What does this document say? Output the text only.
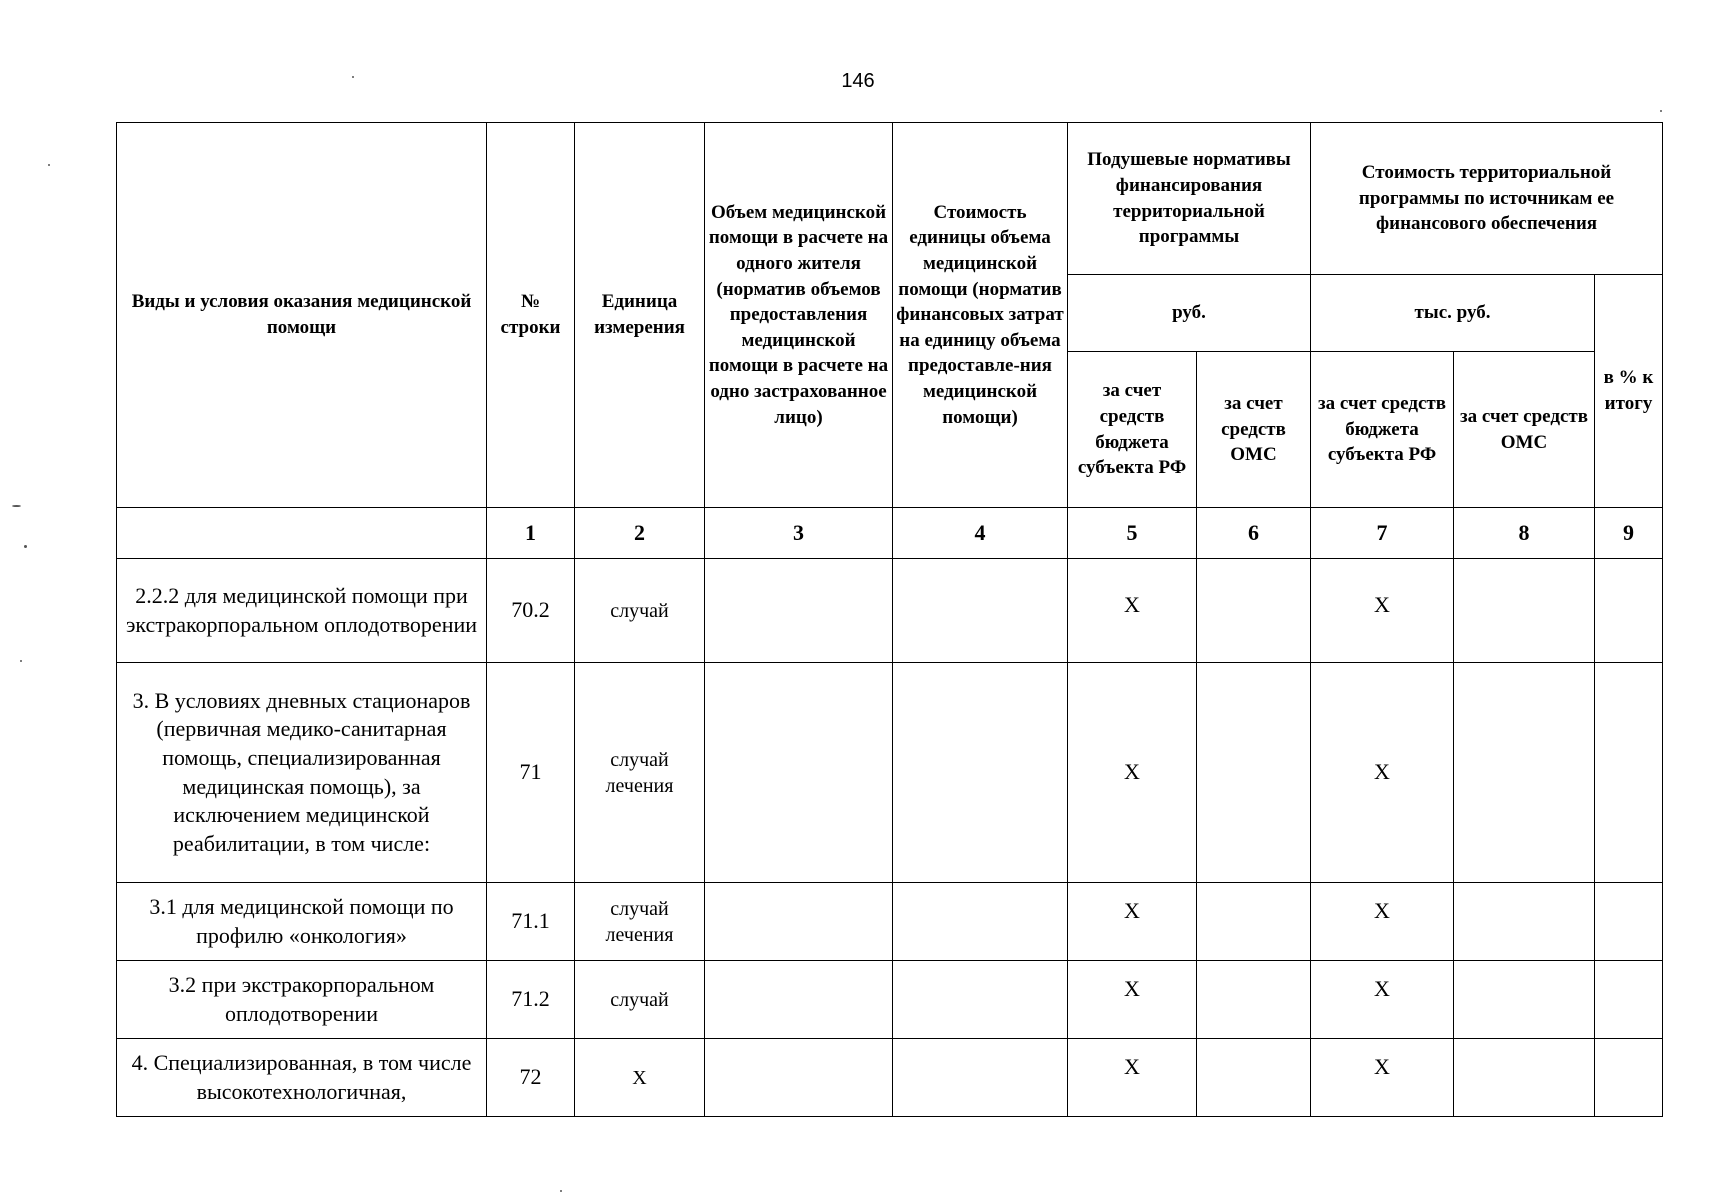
146
Виды и условия оказания медицинской помощи	№ строки	Единица измерения	Объем медицинской помощи в расчете на одного жителя (норматив объемов предоставления медицинской помощи в расчете на одно застрахованное лицо)	Стоимость единицы объема медицинской помощи (норматив финансовых затрат на единицу объема предоставле-ния медицинской помощи)	Подушевые нормативы финансирования территориальной программы		Стоимость территориальной программы по источникам ее финансового обеспечения		
					руб.		тыс. руб.		в % к итогу
					за счет средств бюджета субъекта РФ	за счет средств ОМС	за счет средств бюджета субъекта РФ	за счет средств ОМС	
	1	2	3	4	5	6	7	8	9
2.2.2 для медицинской помощи при экстракорпоральном оплодотворении	70.2	случай			X		X		
3. В условиях дневных стационаров (первичная медико-санитарная помощь, специализированная медицинская помощь), за исключением медицинской реабилитации, в том числе:	71	случай лечения			X		X		
3.1 для медицинской помощи по профилю «онкология»	71.1	случай лечения			X		X		
3.2 при экстракорпоральном оплодотворении	71.2	случай			X		X		
4. Специализированная, в том числе высокотехнологичная,	72	X			X		X		
